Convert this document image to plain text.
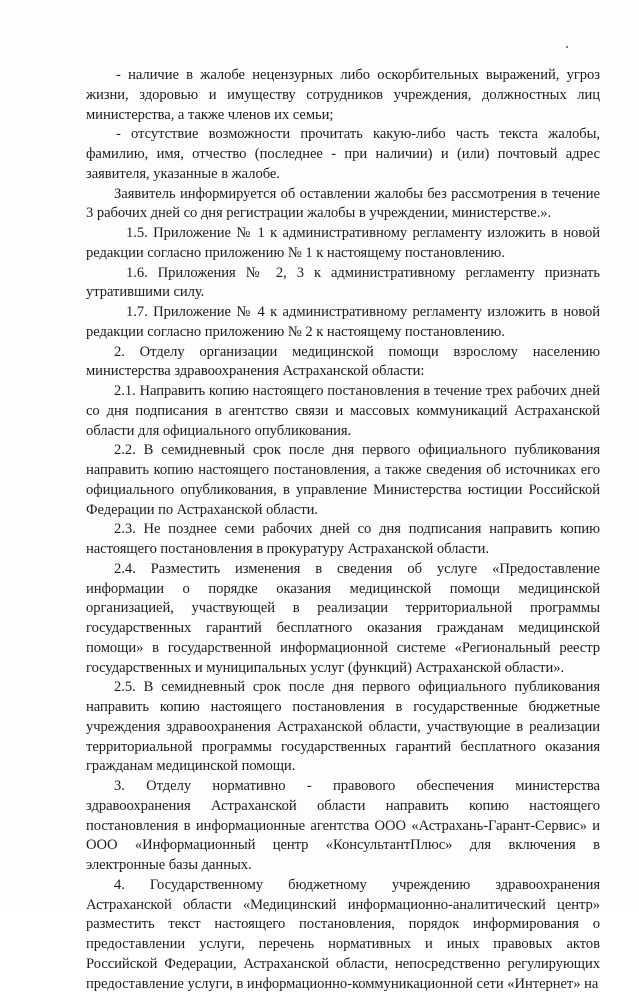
- наличие в жалобе нецензурных либо оскорбительных выражений, угроз жизни, здоровью и имуществу сотрудников учреждения, должностных лиц министерства, а также членов их семьи;

- отсутствие возможности прочитать какую-либо часть текста жалобы, фамилию, имя, отчество (последнее - при наличии) и (или) почтовый адрес заявителя, указанные в жалобе.

Заявитель информируется об оставлении жалобы без рассмотрения в течение 3 рабочих дней со дня регистрации жалобы в учреждении, министерстве.».

1.5. Приложение № 1 к административному регламенту изложить в новой редакции согласно приложению № 1 к настоящему постановлению.

1.6. Приложения № 2, 3 к административному регламенту признать утратившими силу.

1.7. Приложение № 4 к административному регламенту изложить в новой редакции согласно приложению № 2 к настоящему постановлению.

2. Отделу организации медицинской помощи взрослому населению министерства здравоохранения Астраханской области:

2.1. Направить копию настоящего постановления в течение трех рабочих дней со дня подписания в агентство связи и массовых коммуникаций Астраханской области для официального опубликования.

2.2. В семидневный срок после дня первого официального публикования направить копию настоящего постановления, а также сведения об источниках его официального опубликования, в управление Министерства юстиции Российской Федерации по Астраханской области.

2.3. Не позднее семи рабочих дней со дня подписания направить копию настоящего постановления в прокуратуру Астраханской области.

2.4. Разместить изменения в сведения об услуге «Предоставление информации о порядке оказания медицинской помощи медицинской организацией, участвующей в реализации территориальной программы государственных гарантий бесплатного оказания гражданам медицинской помощи» в государственной информационной системе «Региональный реестр государственных и муниципальных услуг (функций) Астраханской области».

2.5. В семидневный срок после дня первого официального публикования направить копию настоящего постановления в государственные бюджетные учреждения здравоохранения Астраханской области, участвующие в реализации территориальной программы государственных гарантий бесплатного оказания гражданам медицинской помощи.

3. Отделу нормативно - правового обеспечения министерства здравоохранения Астраханской области направить копию настоящего постановления в информационные агентства ООО «Астрахань-Гарант-Сервис» и ООО «Информационный центр «КонсультантПлюс» для включения в электронные базы данных.

4. Государственному бюджетному учреждению здравоохранения Астраханской области «Медицинский информационно-аналитический центр» разместить текст настоящего постановления, порядок информирования о предоставлении услуги, перечень нормативных и иных правовых актов Российской Федерации, Астраханской области, непосредственно регулирующих предоставление услуги, в информационно-коммуникационной сети «Интернет» на
